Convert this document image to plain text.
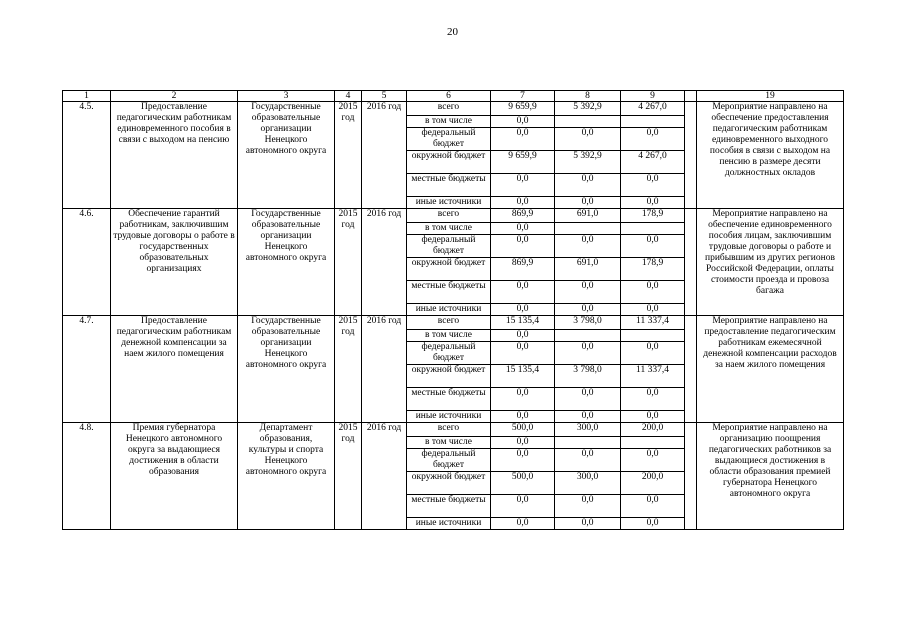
20
1	2	3	4	5	6	7	8	9		19
4.5.	Предоставление педагогическим работникам единовременного пособия в связи с выходом на пенсию	Государственные образовательные организации Ненецкого автономного округа	2015 год	2016 год	всего	9 659,9	5 392,9	4 267,0		Мероприятие направлено на обеспечение предоставления педагогическим работникам единовременного выходного пособия в связи с выходом на пенсию в размере десяти должностных окладов
					в том числе	0,0				
					федеральный бюджет	0,0	0,0	0,0		
					окружной бюджет	9 659,9	5 392,9	4 267,0		
					местные бюджеты	0,0	0,0	0,0		
					иные источники	0,0	0,0	0,0		
4.6.	Обеспечение гарантий работникам, заключившим трудовые договоры о работе в государственных образовательных организациях	Государственные образовательные организации Ненецкого автономного округа	2015 год	2016 год	всего	869,9	691,0	178,9		Мероприятие направлено на обеспечение единовременного пособия лицам, заключившим трудовые договоры о работе и прибывшим из других регионов Российской Федерации, оплаты стоимости проезда и провоза багажа
					в том числе	0,0				
					федеральный бюджет	0,0	0,0	0,0		
					окружной бюджет	869,9	691,0	178,9		
					местные бюджеты	0,0	0,0	0,0		
					иные источники	0,0	0,0	0,0		
4.7.	Предоставление педагогическим работникам денежной компенсации за наем жилого помещения	Государственные образовательные организации Ненецкого автономного округа	2015 год	2016 год	всего	15 135,4	3 798,0	11 337,4		Мероприятие направлено на предоставление педагогическим работникам ежемесячной денежной компенсации расходов за наем жилого помещения
					в том числе	0,0				
					федеральный бюджет	0,0	0,0	0,0		
					окружной бюджет	15 135,4	3 798,0	11 337,4		
					местные бюджеты	0,0	0,0	0,0		
					иные источники	0,0	0,0	0,0		
4.8.	Премия губернатора Ненецкого автономного округа за выдающиеся достижения в области образования	Департамент образования, культуры и спорта Ненецкого автономного округа	2015 год	2016 год	всего	500,0	300,0	200,0		Мероприятие направлено на организацию поощрения педагогических работников за выдающиеся достижения в области образования премией губернатора Ненецкого автономного округа
					в том числе	0,0				
					федеральный бюджет	0,0	0,0	0,0		
					окружной бюджет	500,0	300,0	200,0		
					местные бюджеты	0,0	0,0	0,0		
					иные источники	0,0	0,0	0,0		
